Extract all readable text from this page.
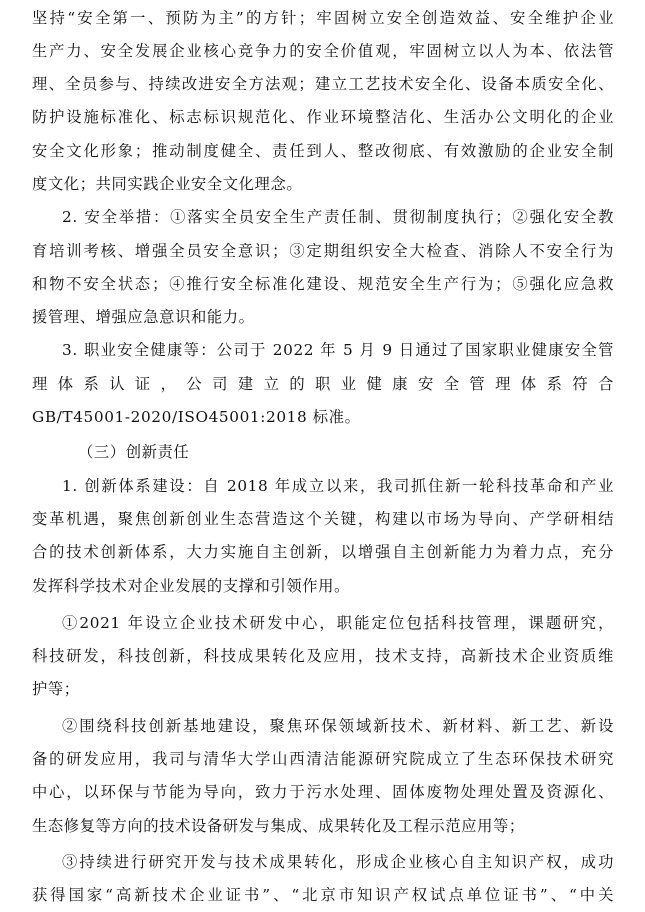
坚持“安全第一、预防为主”的方针；牢固树立安全创造效益、安全维护企业
生产力、安全发展企业核心竞争力的安全价值观，牢固树立以人为本、依法管
理、全员参与、持续改进安全方法观；建立工艺技术安全化、设备本质安全化、
防护设施标准化、标志标识规范化、作业环境整洁化、生活办公文明化的企业
安全文化形象；推动制度健全、责任到人、整改彻底、有效激励的企业安全制
度文化；共同实践企业安全文化理念。
2. 安全举措：①落实全员安全生产责任制、贯彻制度执行；②强化安全教
育培训考核、增强全员安全意识；③定期组织安全大检查、消除人不安全行为
和物不安全状态；④推行安全标准化建设、规范安全生产行为；⑤强化应急救
援管理、增强应急意识和能力。
3. 职业安全健康等：公司于 2022 年 5 月 9 日通过了国家职业健康安全管
理体系认证，公司建立的职业健康安全管理体系符合
GB/T45001-2020/ISO45001:2018 标准。
（三）创新责任
1. 创新体系建设：自 2018 年成立以来，我司抓住新一轮科技革命和产业
变革机遇，聚焦创新创业生态营造这个关键，构建以市场为导向、产学研相结
合的技术创新体系，大力实施自主创新，以增强自主创新能力为着力点，充分
发挥科学技术对企业发展的支撑和引领作用。
①2021 年设立企业技术研发中心，职能定位包括科技管理，课题研究，
科技研发，科技创新，科技成果转化及应用，技术支持，高新技术企业资质维
护等；
②围绕科技创新基地建设，聚焦环保领域新技术、新材料、新工艺、新设
备的研发应用，我司与清华大学山西清洁能源研究院成立了生态环保技术研究
中心，以环保与节能为导向，致力于污水处理、固体废物处理处置及资源化、
生态修复等方向的技术设备研发与集成、成果转化及工程示范应用等；
③持续进行研究开发与技术成果转化，形成企业核心自主知识产权，成功
获得国家“高新技术企业证书”、“北京市知识产权试点单位证书”、“中关
